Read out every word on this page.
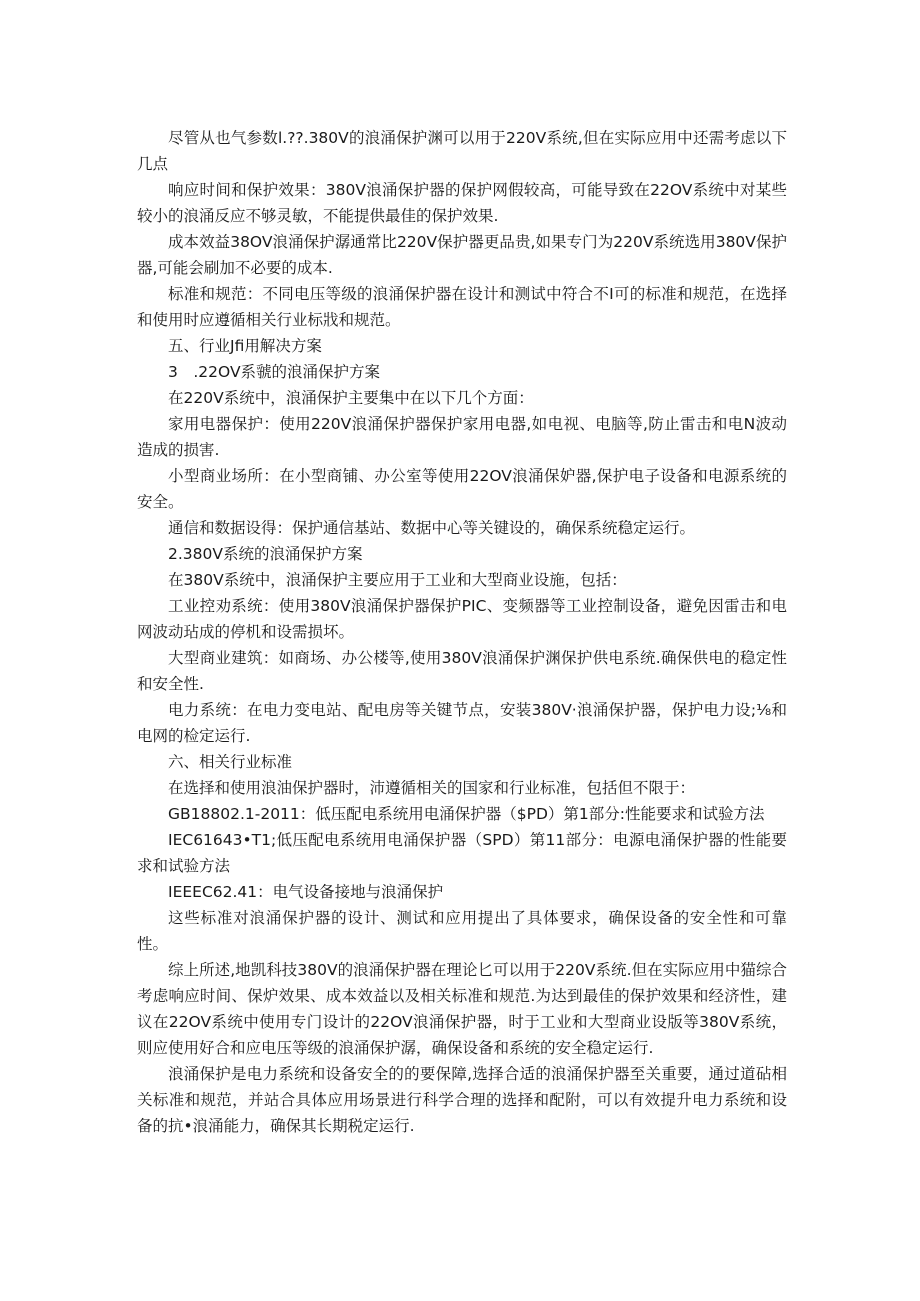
尽管从也气参数l.??.380V的浪涌保护渊可以用于220V系统,但在实际应用中还需考虑以下几点

响应时间和保护效果：380V浪涌保护器的保护网假较高，可能导致在22OV系统中对某些较小的浪涌反应不够灵敏，不能提供最佳的保护效果.

成本效益38OV浪涌保护潺通常比220V保护器更品贵,如果专门为220V系统选用380V保护器,可能会刷加不必要的成本.

标准和规范：不同电压等级的浪涌保护器在设计和测试中符合不I可的标准和规范，在选择和使用时应遵循相关行业标戕和规范。

五、行业Jfi用解决方案

3　.22OV系虢的浪涌保护方案

在220V系统中，浪涌保护主要集中在以下几个方面：

家用电器保护：使用220V浪涌保护器保护家用电器,如电视、电脑等,防止雷击和电N波动造成的损害.

小型商业场所：在小型商铺、办公室等使用22OV浪涌保妒器,保护电子设备和电源系统的安全。

通信和数据设得：保护通信基站、数据中心等关键设的，确保系统稳定运行。

2.380V系统的浪涌保护方案

在380V系统中，浪涌保护主要应用于工业和大型商业设施，包括：

工业控劝系统：使用380V浪涌保护器保护PIC、变频器等工业控制设备，避免因雷击和电网波动玷成的停机和设需损坏。

大型商业建筑：如商场、办公楼等,使用380V浪涌保护渊保护供电系统.确保供电的稳定性和安全性.

电力系统：在电力变电站、配电房等关键节点，安装380V·浪涌保护器，保护电力设;⅛和电网的检定运行.

六、相关行业标准

在选择和使用浪油保护器时，沛遵循相关的国家和行业标准，包括但不限于：

GB18802.1-2011：低压配电系统用电涌保护器（$PD）第1部分:性能要求和试验方法

IEC61643•T1;低压配电系统用电涌保护器（SPD）第11部分：电源电涌保护器的性能要求和试验方法

IEEEC62.41：电气设备接地与浪涌保护

这些标准对浪涌保护器的设计、测试和应用提出了具体要求，确保设备的安全性和可靠性。

综上所述,地凯科技380V的浪涌保护器在理论匕可以用于220V系统.但在实际应用中猫综合考虑响应时间、保炉效果、成本效益以及相关标准和规范.为达到最佳的保护效果和经济性，建议在22OV系统中使用专门设计的22OV浪涌保护器，时于工业和大型商业设版等380V系统，则应使用好合和应电压等级的浪涌保护潺，确保设备和系统的安全稳定运行.

浪涌保护是电力系统和设备安全的的要保障,选择合适的浪涌保护器至关重要，通过道砧相关标准和规范，并站合具体应用场景进行科学合理的选择和配附，可以有效提升电力系统和设备的抗•浪涌能力，确保其长期税定运行.
